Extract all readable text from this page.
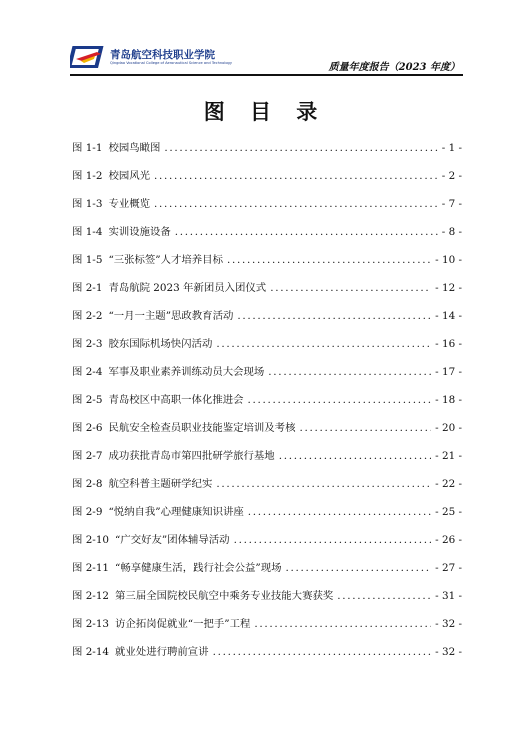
青岛航空科技职业学院
Qingdao Vocational College of Aeronautical Science and Technology	质量年度报告（2023 年度）
图 目 录
图 1-1 校园鸟瞰图 . . .	- 1 -
图 1-2 校园风光 . . .	- 2 -
图 1-3 专业概览 . . .	- 7 -
图 1-4 实训设施设备 . . .	- 8 -
图 1-5 “三张标签”人才培养目标 . . .	- 10 -
图 2-1 青岛航院 2023 年新团员入团仪式 . . .	- 12 -
图 2-2 “一月一主题”思政教育活动 . . .	- 14 -
图 2-3 胶东国际机场快闪活动 . . .	- 16 -
图 2-4 军事及职业素养训练动员大会现场 . . .	- 17 -
图 2-5 青岛校区中高职一体化推进会 . . .	- 18 -
图 2-6 民航安全检查员职业技能鉴定培训及考核 . . .	- 20 -
图 2-7 成功获批青岛市第四批研学旅行基地 . . .	- 21 -
图 2-8 航空科普主题研学纪实 . . .	- 22 -
图 2-9 “悦纳自我”心理健康知识讲座 . . .	- 25 -
图 2-10 “广交好友”团体辅导活动 . . .	- 26 -
图 2-11 “畅享健康生活，践行社会公益”现场 . . .	- 27 -
图 2-12 第三届全国院校民航空中乘务专业技能大赛获奖 . . .	- 31 -
图 2-13 访企拓岗促就业“一把手”工程 . . .	- 32 -
图 2-14 就业处进行聘前宣讲 . . .	- 32 -
